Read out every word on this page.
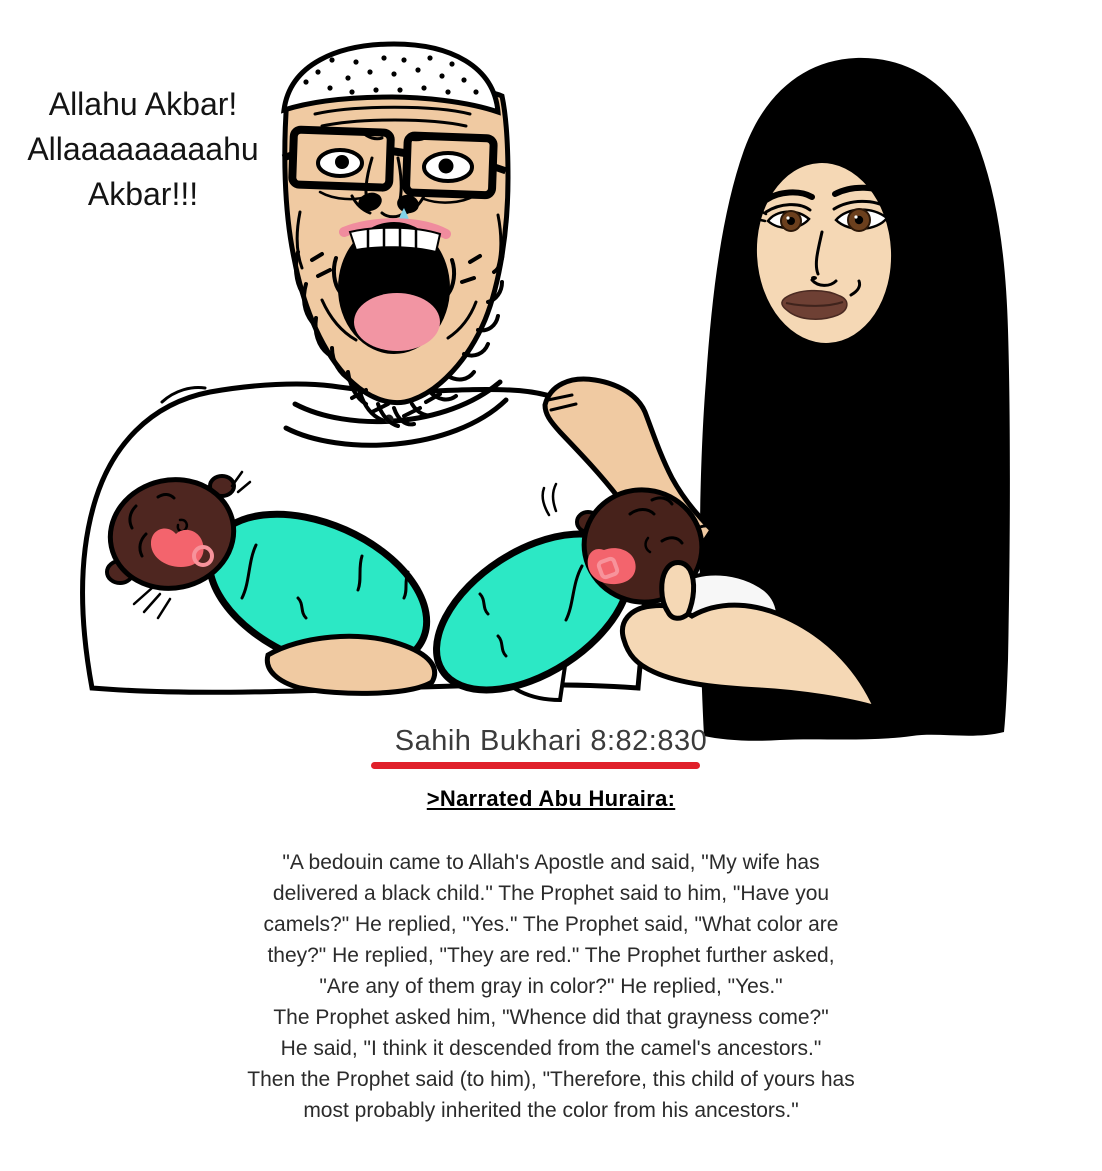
Allahu Akbar!
Allaaaaaaaaahu
Akbar!!!
Sahih Bukhari 8:82:830
>Narrated Abu Huraira:
"A bedouin came to Allah's Apostle and said, "My wife has
delivered a black child." The Prophet said to him, "Have you
camels?" He replied, "Yes." The Prophet said, "What color are
they?" He replied, "They are red." The Prophet further asked,
"Are any of them gray in color?" He replied, "Yes."
The Prophet asked him, "Whence did that grayness come?"
He said, "I think it descended from the camel's ancestors."
Then the Prophet said (to him), "Therefore, this child of yours has
most probably inherited the color from his ancestors."
